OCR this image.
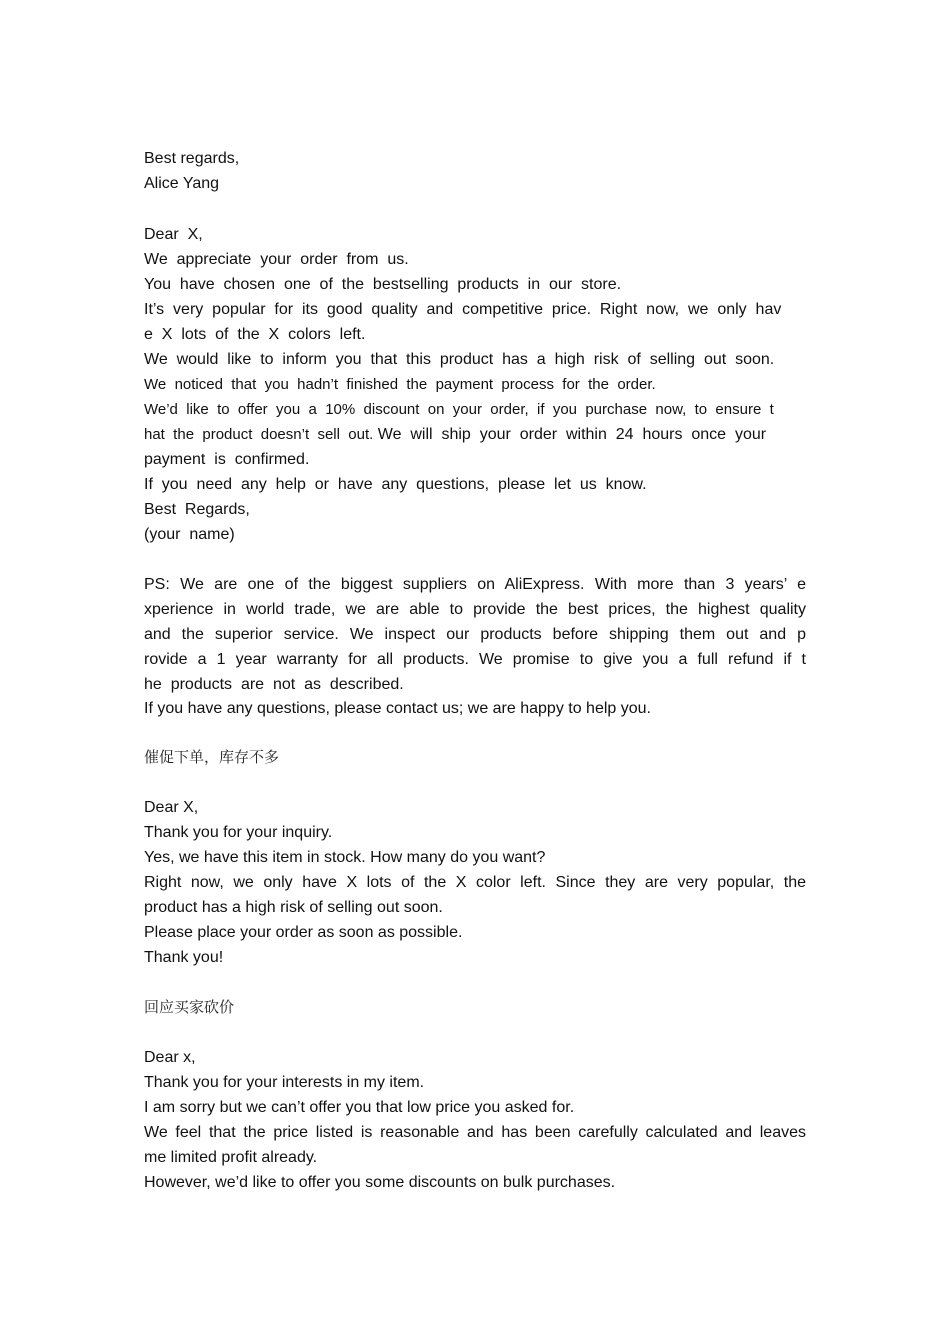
Best regards,
Alice Yang
Dear  X,
We  appreciate  your  order  from  us.
You  have  chosen  one  of  the  bestselling  products  in  our  store.
It’s  very  popular  for  its  good  quality  and  competitive  price.  Right  now,  we  only  hav
e  X  lots  of  the  X  colors  left.
We  would  like  to  inform  you  that  this  product  has  a  high  risk  of  selling  out  soon.
We  noticed  that  you  hadn’t  finished  the  payment  process  for  the  order.
We’d  like  to  offer  you  a  10%  discount  on  your  order,  if  you  purchase  now,  to  ensure  t
hat  the  product  doesn’t  sell  out. We  will  ship  your  order  within  24  hours  once  your
payment  is  confirmed.
If  you  need  any  help  or  have  any  questions,  please  let  us  know.
Best  Regards,
(your  name)
PS: We are one of the biggest suppliers on AliExpress. With more than 3 years’ e
xperience in world trade, we are able to provide the best prices, the highest quality
and the superior service. We inspect our products before shipping them out and p
rovide a 1 year warranty for all products. We promise to give you a full refund if t
he  products  are  not  as  described.
If you have any questions, please contact us; we are happy to help you.
催促下单，库存不多
Dear X,
Thank you for your inquiry.
Yes, we have this item in stock. How many do you want?
Right now, we only have X lots of the X color left. Since they are very popular, the
product has a high risk of selling out soon.
Please place your order as soon as possible.
Thank you!
回应买家砍价
Dear x,
Thank you for your interests in my item.
I am sorry but we can’t offer you that low price you asked for.
We feel that the price listed is reasonable and has been carefully calculated and leaves
me limited profit already.
However, we’d like to offer you some discounts on bulk purchases.
